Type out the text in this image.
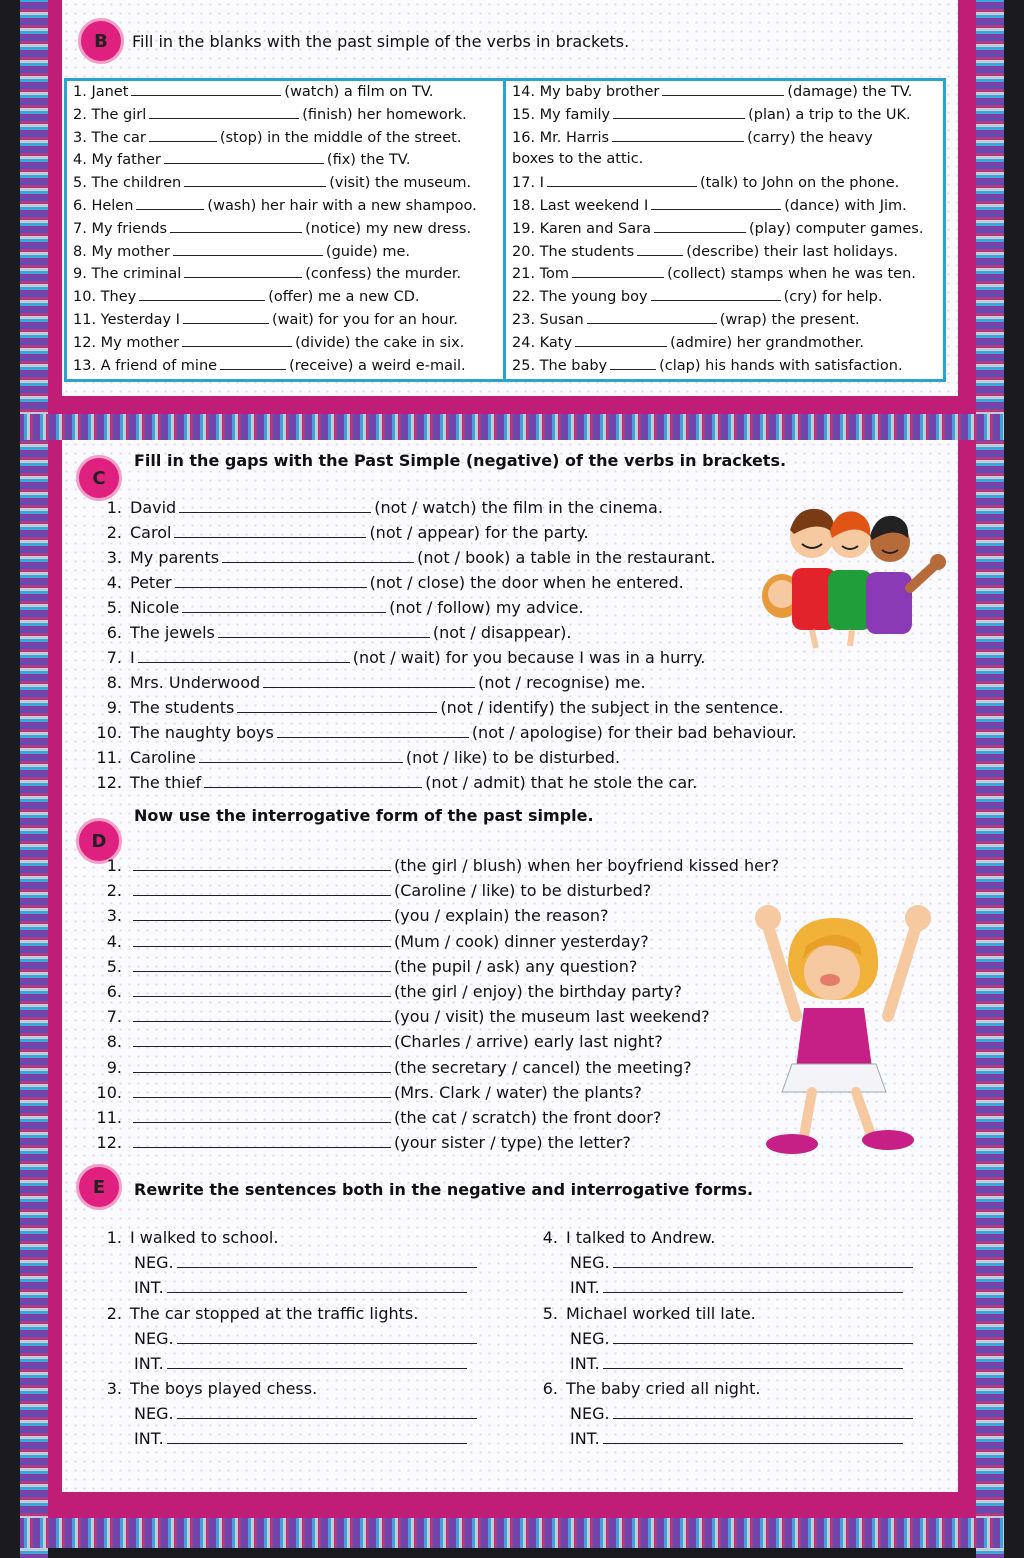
B	Fill in the blanks with the past simple of the verbs in brackets.
1. Janet	(watch) a film on TV.
2. The girl	(finish) her homework.
3. The car	(stop) in the middle of the street.
4. My father	(fix) the TV.
5. The children	(visit) the museum.
6. Helen	(wash) her hair with a new shampoo.
7. My friends	(notice) my new dress.
8. My mother	(guide) me.
9. The criminal	(confess) the murder.
10. They	(offer) me a new CD.
11. Yesterday I	(wait) for you for an hour.
12. My mother	(divide) the cake in six.
13. A friend of mine	(receive) a weird e-mail.
14. My baby brother	(damage) the TV.
15. My family	(plan) a trip to the UK.
16. Mr. Harris	(carry) the heavy
boxes to the attic.
17. I	(talk) to John on the phone.
18. Last weekend I	(dance) with Jim.
19. Karen and Sara	(play) computer games.
20. The students	(describe) their last holidays.
21. Tom	(collect) stamps when he was ten.
22. The young boy	(cry) for help.
23. Susan	(wrap) the present.
24. Katy	(admire) her grandmother.
25. The baby	(clap) his hands with satisfaction.
C
Fill in the gaps with the Past Simple (negative) of the verbs in brackets.
1. David	(not / watch) the film in the cinema.
2. Carol	(not / appear) for the party.
3. My parents	(not / book) a table in the restaurant.
4. Peter	(not / close) the door when he entered.
5. Nicole	(not / follow) my advice.
6. The jewels	(not / disappear).
7. I	(not / wait) for you because I was in a hurry.
8. Mrs. Underwood	(not / recognise) me.
9. The students	(not / identify) the subject in the sentence.
10. The naughty boys	(not / apologise) for their bad behaviour.
11. Caroline	(not / like) to be disturbed.
12. The thief	(not / admit) that he stole the car.
D
Now use the interrogative form of the past simple.
1.	(the girl / blush) when her boyfriend kissed her?
2.	(Caroline / like) to be disturbed?
3.	(you / explain) the reason?
4.	(Mum / cook) dinner yesterday?
5.	(the pupil / ask) any question?
6.	(the girl / enjoy) the birthday party?
7.	(you / visit) the museum last weekend?
8.	(Charles / arrive) early last night?
9.	(the secretary / cancel) the meeting?
10.	(Mrs. Clark / water) the plants?
11.	(the cat / scratch) the front door?
12.	(your sister / type) the letter?
E	Rewrite the sentences both in the negative and interrogative forms.
1. I walked to school.
NEG.
INT.
2. The car stopped at the traffic lights.
NEG.
INT.
3. The boys played chess.
NEG.
INT.
4. I talked to Andrew.
NEG.
INT.
5. Michael worked till late.
NEG.
INT.
6. The baby cried all night.
NEG.
INT.
